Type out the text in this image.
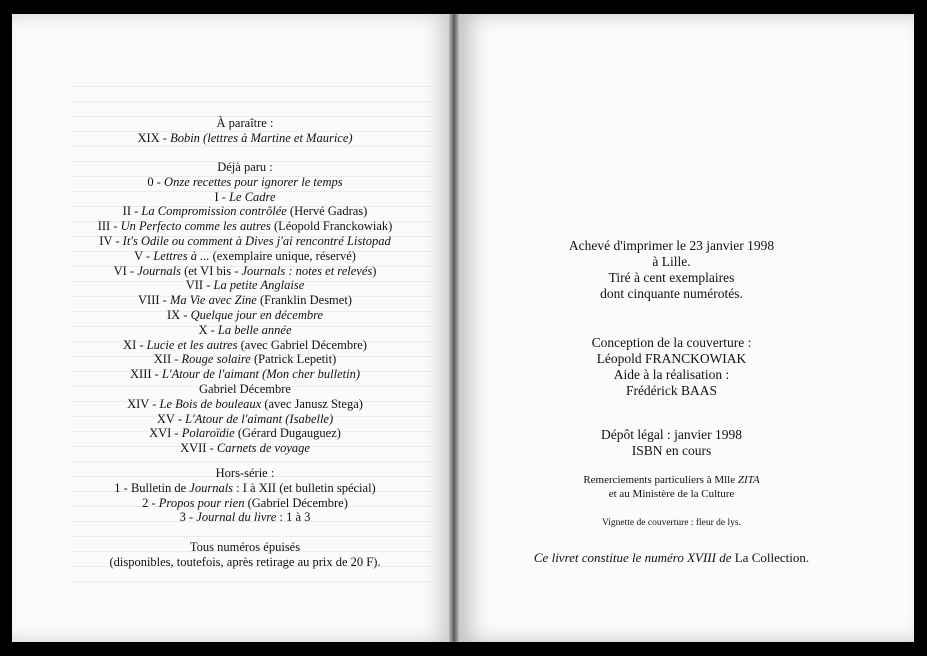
À paraître :
XIX - Bobin (lettres à Martine et Maurice)
Déjà paru :
0 - Onze recettes pour ignorer le temps
I - Le Cadre
II - La Compromission contrôlée (Hervé Gadras)
III - Un Perfecto comme les autres (Léopold Franckowiak)
IV - It's Odile ou comment à Dives j'ai rencontré Listopad
V - Lettres à ... (exemplaire unique, réservé)
VI - Journals (et VI bis - Journals : notes et relevés)
VII - La petite Anglaise
VIII - Ma Vie avec Zine (Franklin Desmet)
IX - Quelque jour en décembre
X - La belle année
XI - Lucie et les autres (avec Gabriel Décembre)
XII - Rouge solaire (Patrick Lepetit)
XIII - L'Atour de l'aimant (Mon cher bulletin)
Gabriel Décembre
XIV - Le Bois de bouleaux (avec Janusz Stega)
XV - L'Atour de l'aimant (Isabelle)
XVI - Polaroïdie (Gérard Dugauguez)
XVII - Carnets de voyage
Hors-série :
1 - Bulletin de Journals : I à XII (et bulletin spécial)
2 - Propos pour rien (Gabriel Décembre)
3 - Journal du livre : 1 à 3
Tous numéros épuisés
(disponibles, toutefois, après retirage au prix de 20 F).
Achevé d'imprimer le 23 janvier 1998
à Lille.
Tiré à cent exemplaires
dont cinquante numérotés.
Conception de la couverture :
Léopold FRANCKOWIAK
Aide à la réalisation :
Frédérick BAAS
Dépôt légal : janvier 1998
ISBN en cours
Remerciements particuliers à Mlle ZITA
et au Ministère de la Culture
Vignette de couverture : fleur de lys.
Ce livret constitue le numéro XVIII de La Collection.
